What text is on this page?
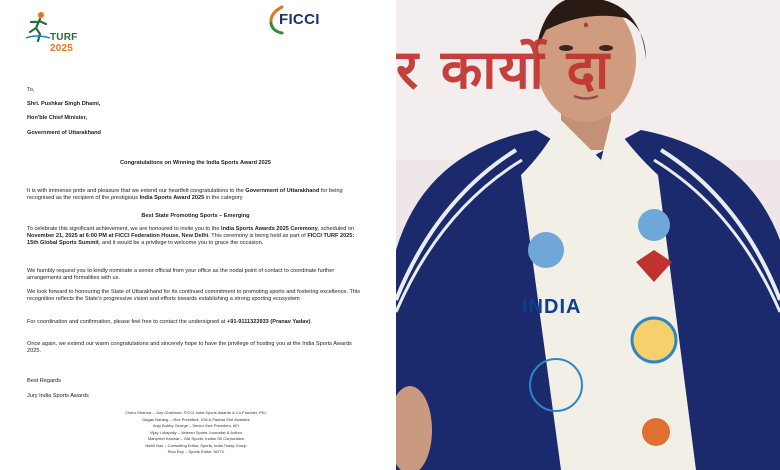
TURF 2025
FICCI
To,
Shri. Pushkar Singh Dhami,
Hon'ble Chief Minister,
Government of Uttarakhand
Congratulations on Winning the India Sports Award 2025
It is with immense pride and pleasure that we extend our heartfelt congratulations to the Government of Uttarakhand for being recognised as the recipient of the prestigious India Sports Award 2025 in the category
Best State Promoting Sports – Emerging
To celebrate this significant achievement, we are honoured to invite you to the India Sports Awards 2025 Ceremony, scheduled on November 21, 2025 at 6:00 PM at FICCI Federation House, New Delhi. This ceremony is being held as part of FICCI TURF 2025: 15th Global Sports Summit, and it would be a privilege to welcome you to grace the occasion.
We humbly request you to kindly nominate a senior official from your office as the nodal point of contact to coordinate further arrangements and formalities with us.
We look forward to honouring the State of Uttarakhand for its continued commitment to promoting sports and fostering excellence. This recognition reflects the State's progressive vision and efforts towards establishing a strong sporting ecosystem
For coordination and confirmation, please feel free to contact the undersigned at +91-9111323933 (Pranav Yadav).
Once again, we extend our warm congratulations and sincerely hope to have the privilege of hosting you at the India Sports Awards 2025.
Best Regards
Jury India Sports Awards
Cheru Sharma – Jury Chairman, FICCI India Sports Awards & Co-Founder, PKL
Gagan Narang – Vice President, IOA & Padma Shri Awardee
Anju Bobby George – Senior Vice President, AFI
Vijay Lokapally – Veteran Sports Journalist & Author
Manpreet Kanwar – GM Sports, Indian Oil Corporation
Nikhil Naz – Consulting Editor, Sports, India Today Group
Rica Roy – Sports Editor, NDTV
र कार्यो दा
INDIA
